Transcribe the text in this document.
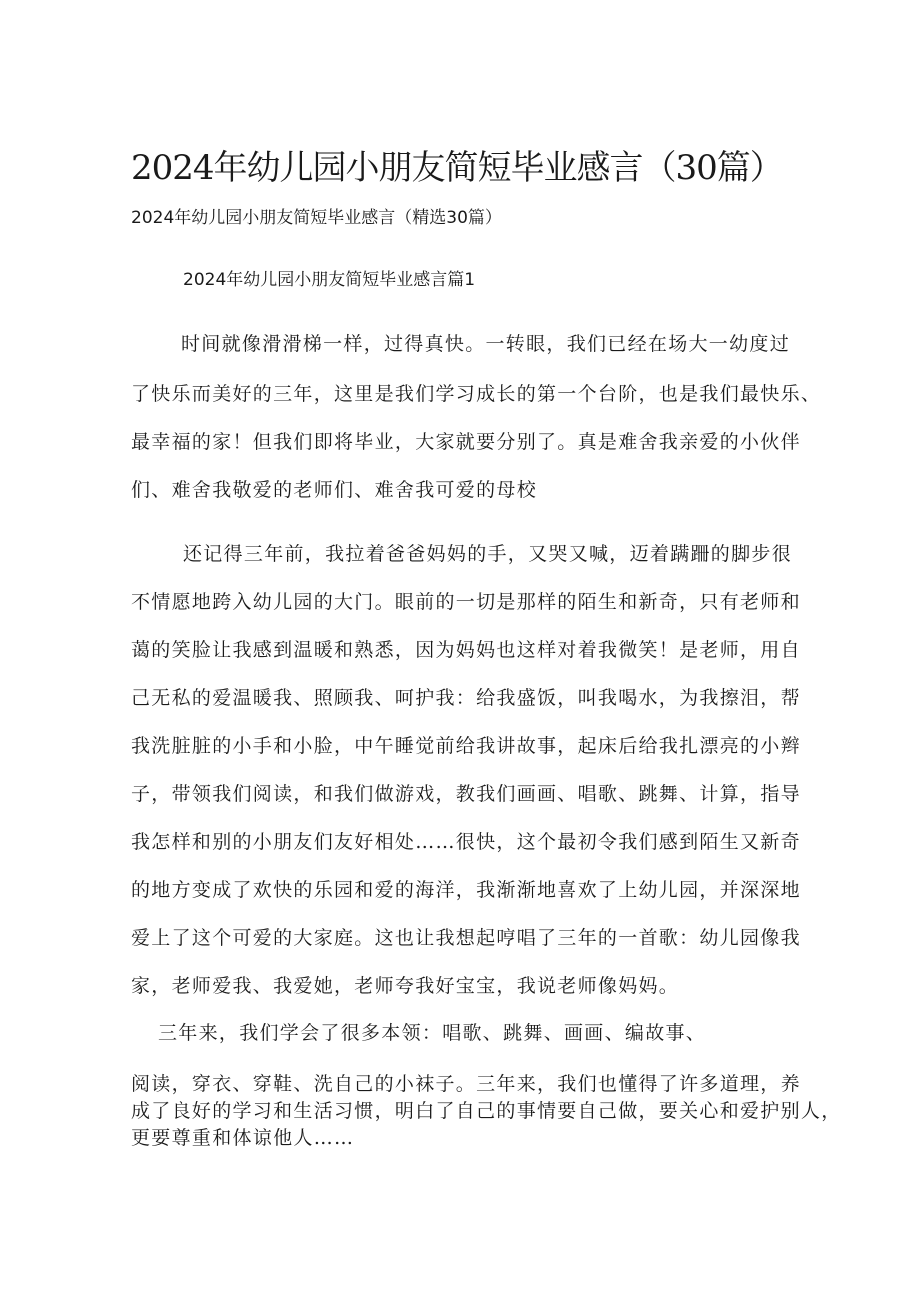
2024年幼儿园小朋友简短毕业感言（30篇）
2024年幼儿园小朋友简短毕业感言（精选30篇）
2024年幼儿园小朋友简短毕业感言篇1
时间就像滑滑梯一样，过得真快。一转眼，我们已经在场大一幼度过
了快乐而美好的三年，这里是我们学习成长的第一个台阶，也是我们最快乐、
最幸福的家！但我们即将毕业，大家就要分别了。真是难舍我亲爱的小伙伴
们、难舍我敬爱的老师们、难舍我可爱的母校
还记得三年前，我拉着爸爸妈妈的手，又哭又喊，迈着蹒跚的脚步很
不情愿地跨入幼儿园的大门。眼前的一切是那样的陌生和新奇，只有老师和
蔼的笑脸让我感到温暖和熟悉，因为妈妈也这样对着我微笑！是老师，用自
己无私的爱温暖我、照顾我、呵护我：给我盛饭，叫我喝水，为我擦泪，帮
我洗脏脏的小手和小脸，中午睡觉前给我讲故事，起床后给我扎漂亮的小辫
子，带领我们阅读，和我们做游戏，教我们画画、唱歌、跳舞、计算，指导
我怎样和别的小朋友们友好相处……很快，这个最初令我们感到陌生又新奇
的地方变成了欢快的乐园和爱的海洋，我渐渐地喜欢了上幼儿园，并深深地
爱上了这个可爱的大家庭。这也让我想起哼唱了三年的一首歌：幼儿园像我
家，老师爱我、我爱她，老师夸我好宝宝，我说老师像妈妈。
三年来，我们学会了很多本领：唱歌、跳舞、画画、编故事、
阅读，穿衣、穿鞋、洗自己的小袜子。三年来，我们也懂得了许多道理，养
成了良好的学习和生活习惯，明白了自己的事情要自己做，要关心和爱护别人，
更要尊重和体谅他人……
